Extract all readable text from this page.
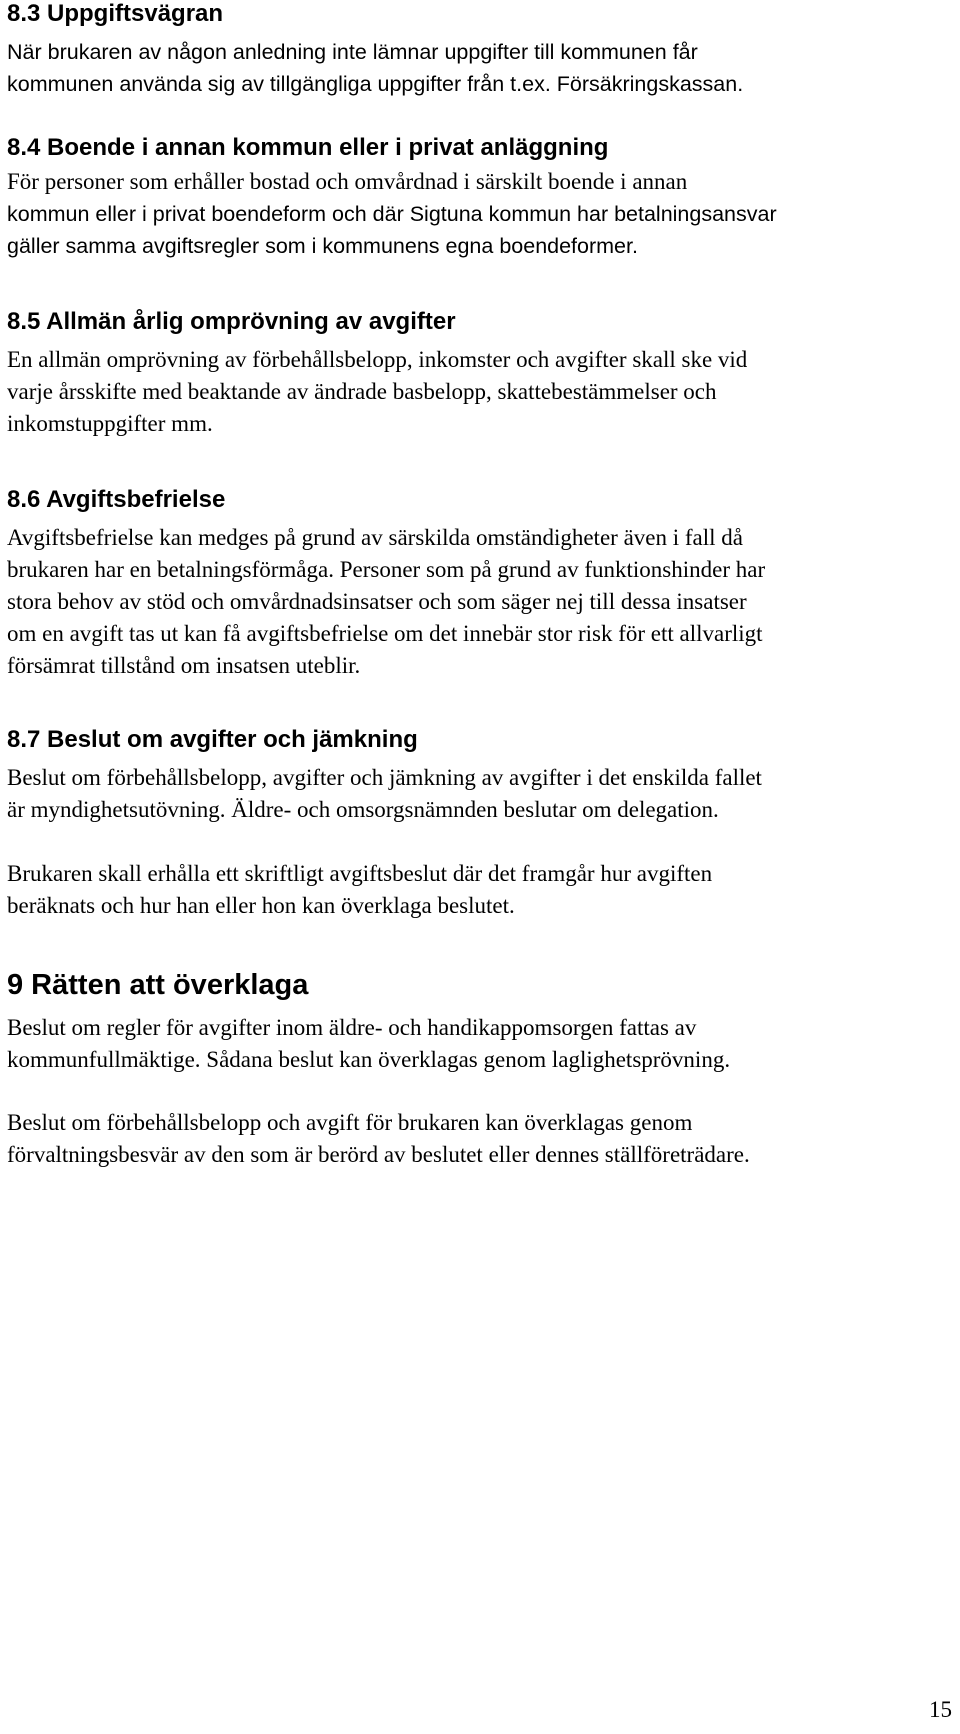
8.3 Uppgiftsvägran

När brukaren av någon anledning inte lämnar uppgifter till kommunen får

kommunen använda sig av tillgängliga uppgifter från t.ex. Försäkringskassan.

8.4 Boende i annan kommun eller i privat anläggning

För personer som erhåller bostad och omvårdnad i särskilt boende i annan

kommun eller i privat boendeform och där Sigtuna kommun har betalningsansvar

gäller samma avgiftsregler som i kommunens egna boendeformer.

8.5 Allmän årlig omprövning av avgifter

En allmän omprövning av förbehållsbelopp, inkomster och avgifter skall ske vid

varje årsskifte med beaktande av ändrade basbelopp, skattebestämmelser och

inkomstuppgifter mm.

8.6 Avgiftsbefrielse

Avgiftsbefrielse kan medges på grund av särskilda omständigheter även i fall då

brukaren har en betalningsförmåga. Personer som på grund av funktionshinder har

stora behov av stöd och omvårdnadsinsatser och som säger nej till dessa insatser

om en avgift tas ut kan få avgiftsbefrielse om det innebär stor risk för ett allvarligt

försämrat tillstånd om insatsen uteblir.

8.7 Beslut om avgifter och jämkning

Beslut om förbehållsbelopp, avgifter och jämkning av avgifter i det enskilda fallet

är myndighetsutövning. Äldre- och omsorgsnämnden beslutar om delegation.

Brukaren skall erhålla ett skriftligt avgiftsbeslut där det framgår hur avgiften

beräknats och hur han eller hon kan överklaga beslutet.

9 Rätten att överklaga

Beslut om regler för avgifter inom äldre- och handikappomsorgen fattas av

kommunfullmäktige. Sådana beslut kan överklagas genom laglighetsprövning.

Beslut om förbehållsbelopp och avgift för brukaren kan överklagas genom

förvaltningsbesvär av den som är berörd av beslutet eller dennes ställföreträdare.

15
